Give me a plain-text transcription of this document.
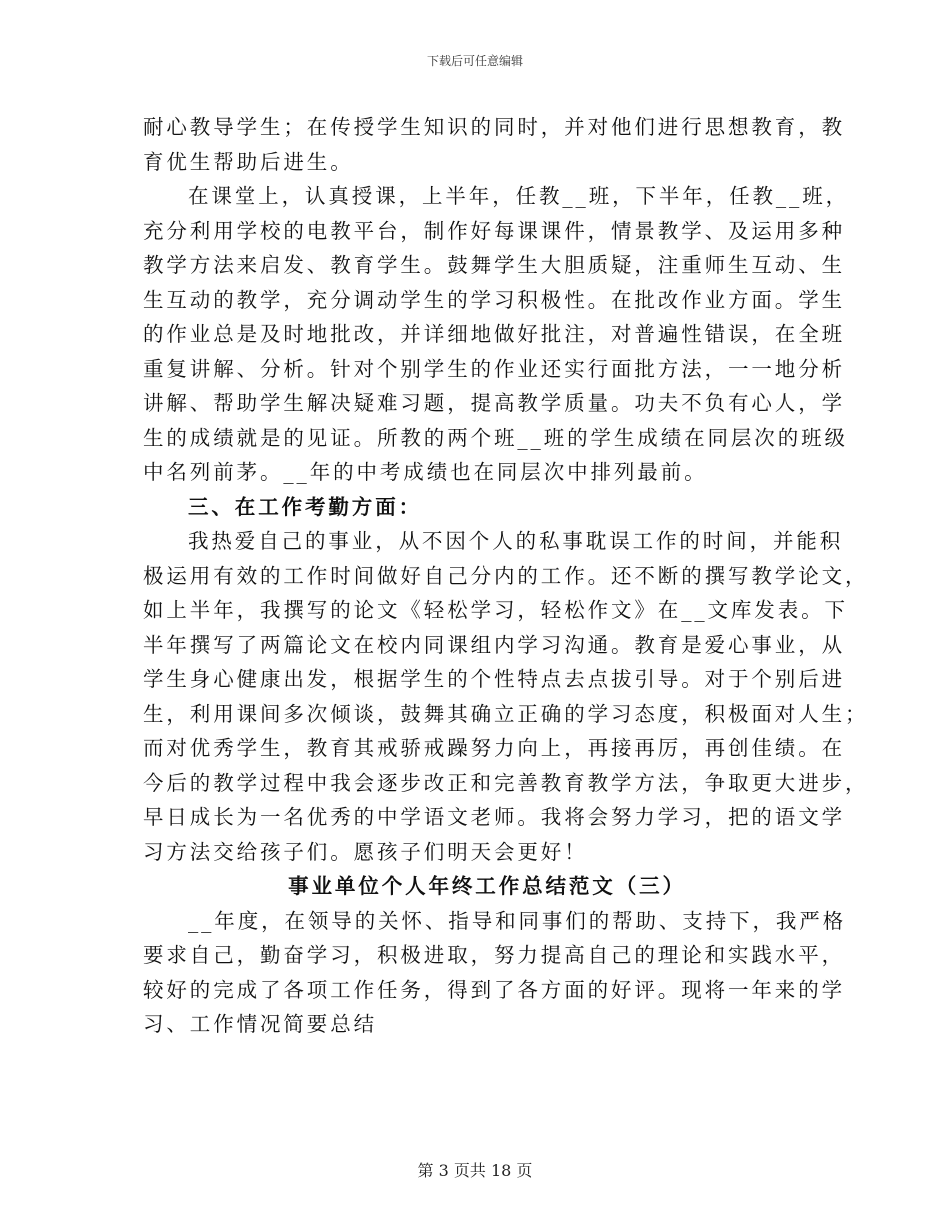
下载后可任意编辑
耐心教导学生；在传授学生知识的同时，并对他们进行思想教育，教
育优生帮助后进生。
在课堂上，认真授课，上半年，任教__班，下半年，任教__班，
充分利用学校的电教平台，制作好每课课件，情景教学、及运用多种
教学方法来启发、教育学生。鼓舞学生大胆质疑，注重师生互动、生
生互动的教学，充分调动学生的学习积极性。在批改作业方面。学生
的作业总是及时地批改，并详细地做好批注，对普遍性错误，在全班
重复讲解、分析。针对个别学生的作业还实行面批方法，一一地分析
讲解、帮助学生解决疑难习题，提高教学质量。功夫不负有心人，学
生的成绩就是的见证。所教的两个班__班的学生成绩在同层次的班级
中名列前茅。__年的中考成绩也在同层次中排列最前。
三、在工作考勤方面：
我热爱自己的事业，从不因个人的私事耽误工作的时间，并能积
极运用有效的工作时间做好自己分内的工作。还不断的撰写教学论文，
如上半年，我撰写的论文《轻松学习，轻松作文》在__文库发表。下
半年撰写了两篇论文在校内同课组内学习沟通。教育是爱心事业，从
学生身心健康出发，根据学生的个性特点去点拔引导。对于个别后进
生，利用课间多次倾谈，鼓舞其确立正确的学习态度，积极面对人生；
而对优秀学生，教育其戒骄戒躁努力向上，再接再厉，再创佳绩。在
今后的教学过程中我会逐步改正和完善教育教学方法，争取更大进步，
早日成长为一名优秀的中学语文老师。我将会努力学习，把的语文学
习方法交给孩子们。愿孩子们明天会更好！
事业单位个人年终工作总结范文（三）
__年度，在领导的关怀、指导和同事们的帮助、支持下，我严格
要求自己，勤奋学习，积极进取，努力提高自己的理论和实践水平，
较好的完成了各项工作任务，得到了各方面的好评。现将一年来的学
习、工作情况简要总结
第 3 页共 18 页
